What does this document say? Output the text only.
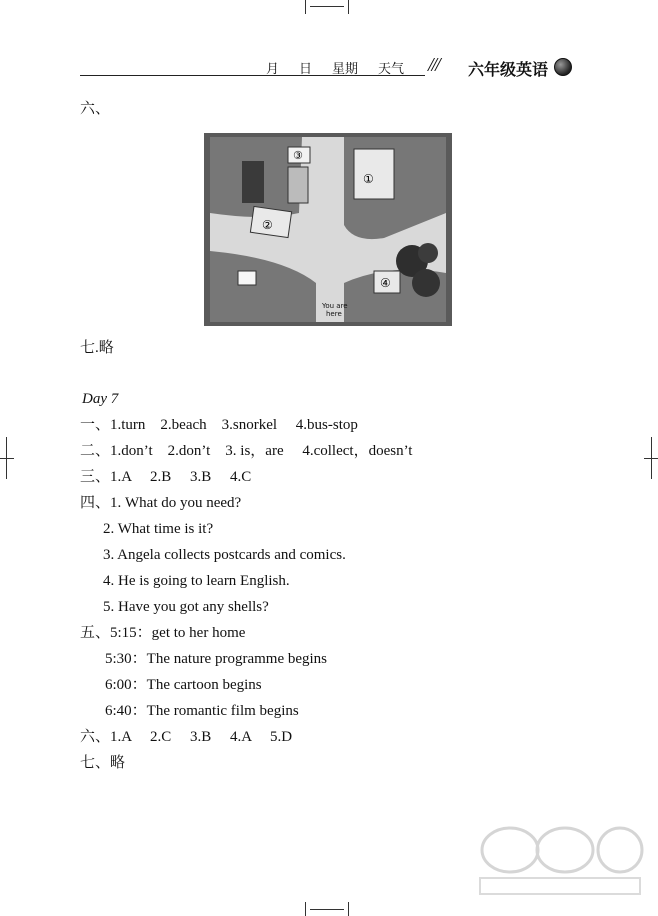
月 日 星期 天气	/// 六年级英语
六、
①
②
③
④
You are
here
七.略
Day 7
一、1.turn    2.beach    3.snorkel     4.bus-stop
二、1.don’t    2.don’t    3. is，are     4.collect，doesn’t
三、1.A     2.B     3.B     4.C
四、1. What do you need?
2. What time is it?
3. Angela collects postcards and comics.
4. He is going to learn English.
5. Have you got any shells?
五、5:15：get to her home
5:30：The nature programme begins
6:00：The cartoon begins
6:40：The romantic film begins
六、1.A     2.C     3.B     4.A     5.D
七、略
